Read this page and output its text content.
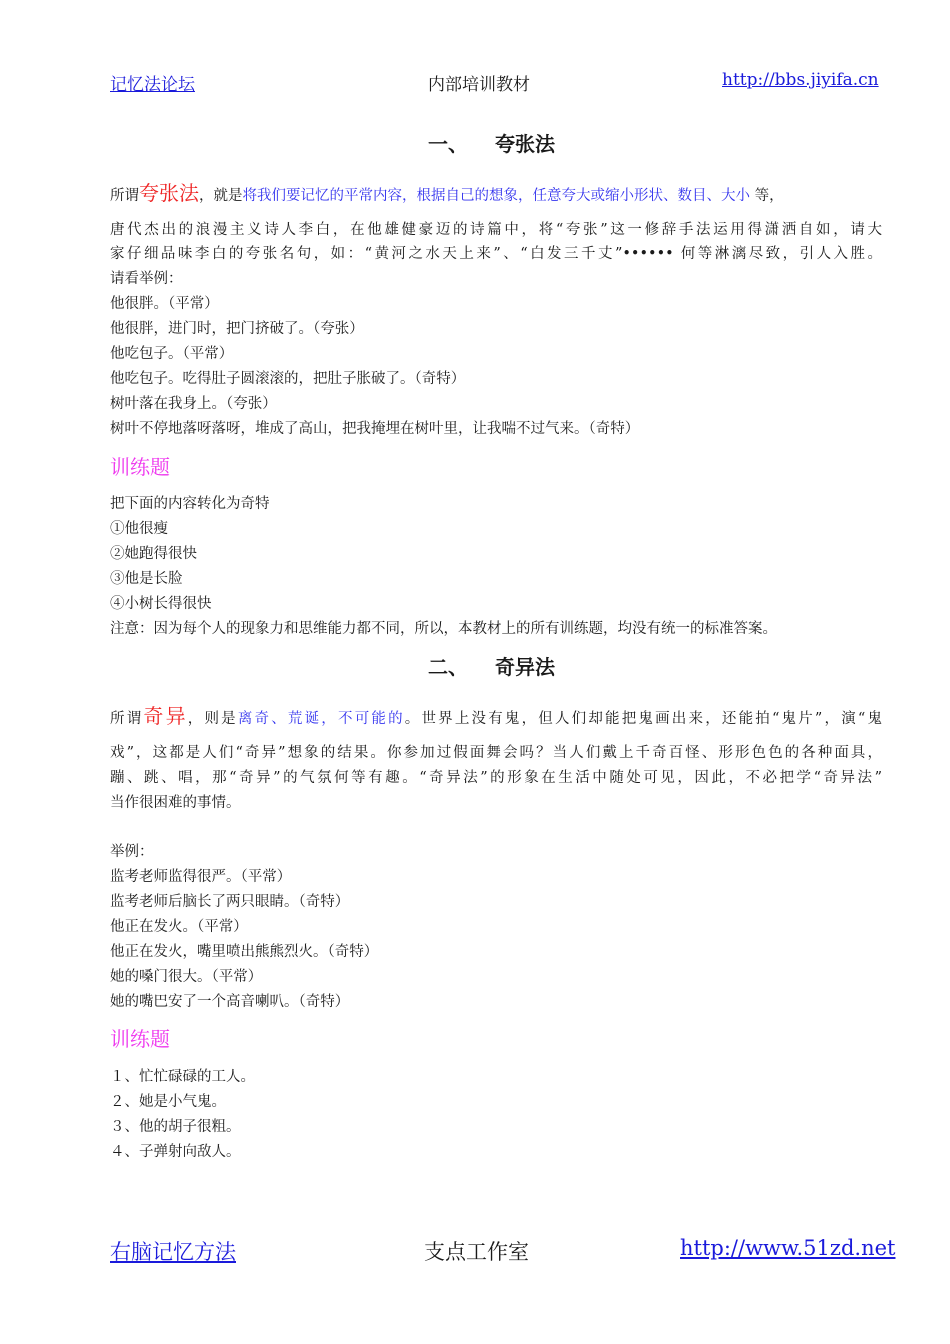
记忆法论坛	内部培训教材	http://bbs.jiyifa.cn
一、 夸张法
所谓夸张法，就是将我们要记忆的平常内容，根据自己的想象，任意夸大或缩小形状、数目、大小 等，
唐代杰出的浪漫主义诗人李白，在他雄健豪迈的诗篇中，将“夸张”这一修辞手法运用得潇洒自如，请大
家仔细品味李白的夸张名句，如：“黄河之水天上来”、“白发三千丈”•••••• 何等淋漓尽致，引人入胜。
请看举例：
他很胖。（平常）
他很胖，进门时，把门挤破了。（夸张）
他吃包子。（平常）
他吃包子。吃得肚子圆滚滚的，把肚子胀破了。（奇特）
树叶落在我身上。（夸张）
树叶不停地落呀落呀，堆成了高山，把我掩埋在树叶里，让我喘不过气来。（奇特）
训练题
把下面的内容转化为奇特
①他很瘦
②她跑得很快
③他是长脸
④小树长得很快
注意：因为每个人的现象力和思维能力都不同，所以，本教材上的所有训练题，均没有统一的标准答案。
二、 奇异法
所谓奇异，则是离奇、荒诞，不可能的。世界上没有鬼，但人们却能把鬼画出来，还能拍“鬼片”，演“鬼
戏”，这都是人们“奇异”想象的结果。你参加过假面舞会吗？当人们戴上千奇百怪、形形色色的各种面具，
蹦、跳、唱，那“奇异”的气氛何等有趣。“奇异法”的形象在生活中随处可见，因此，不必把学“奇异法”
当作很困难的事情。
举例：
监考老师监得很严。（平常）
监考老师后脑长了两只眼睛。（奇特）
他正在发火。（平常）
他正在发火，嘴里喷出熊熊烈火。（奇特）
她的嗓门很大。（平常）
她的嘴巴安了一个高音喇叭。（奇特）
训练题
１、忙忙碌碌的工人。
２、她是小气鬼。
３、他的胡子很粗。
４、子弹射向敌人。
右脑记忆方法	支点工作室	http://www.51zd.net
